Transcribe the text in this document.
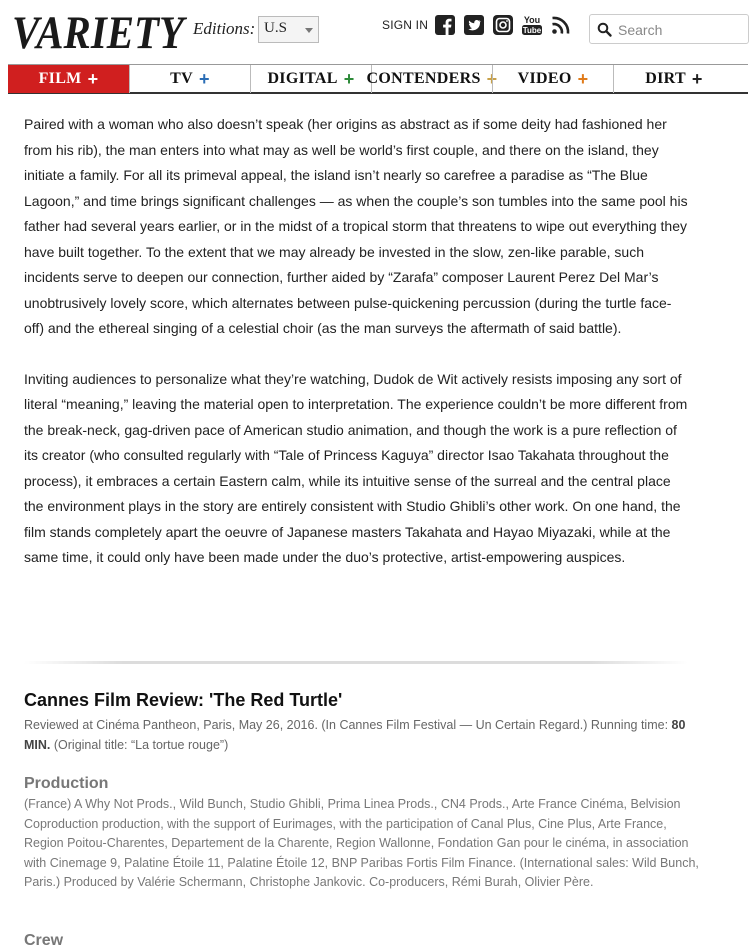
VARIETY Editions: U.S	SIGN IN	You
Tube
Search
FILM +	TV +	DIGITAL + CONTENDERS + VIDEO +	DIRT +

Paired with a woman who also doesn’t speak (her origins as abstract as if some deity had fashioned her from his rib), the man enters into what may as well be world’s first couple, and there on the island, they initiate a family. For all its primeval appeal, the island isn’t nearly so carefree a paradise as “The Blue Lagoon,” and time brings significant challenges — as when the couple’s son tumbles into the same pool his father had several years earlier, or in the midst of a tropical storm that threatens to wipe out everything they have built together. To the extent that we may already be invested in the slow, zen-like parable, such incidents serve to deepen our connection, further aided by “Zarafa” composer Laurent Perez Del Mar’s unobtrusively lovely score, which alternates between pulse-quickening percussion (during the turtle face-off) and the ethereal singing of a celestial choir (as the man surveys the aftermath of said battle).

Inviting audiences to personalize what they’re watching, Dudok de Wit actively resists imposing any sort of literal “meaning,” leaving the material open to interpretation. The experience couldn’t be more different from the break-neck, gag-driven pace of American studio animation, and though the work is a pure reflection of its creator (who consulted regularly with “Tale of Princess Kaguya” director Isao Takahata throughout the process), it embraces a certain Eastern calm, while its intuitive sense of the surreal and the central place the environment plays in the story are entirely consistent with Studio Ghibli’s other work. On one hand, the film stands completely apart the oeuvre of Japanese masters Takahata and Hayao Miyazaki, while at the same time, it could only have been made under the duo’s protective, artist-empowering auspices.

Cannes Film Review: 'The Red Turtle'
Reviewed at Cinéma Pantheon, Paris, May 26, 2016. (In Cannes Film Festival — Un Certain Regard.) Running time: 80 MIN. (Original title: “La tortue rouge”)
Production
(France) A Why Not Prods., Wild Bunch, Studio Ghibli, Prima Linea Prods., CN4 Prods., Arte France Cinéma, Belvision Coproduction production, with the support of Eurimages, with the participation of Canal Plus, Cine Plus, Arte France, Region Poitou-Charentes, Departement de la Charente, Region Wallonne, Fondation Gan pour le cinéma, in association with Cinemage 9, Palatine Étoile 11, Palatine Étoile 12, BNP Paribas Fortis Film Finance. (International sales: Wild Bunch, Paris.) Produced by Valérie Schermann, Christophe Jankovic. Co-producers, Rémi Burah, Olivier Père.
Crew
